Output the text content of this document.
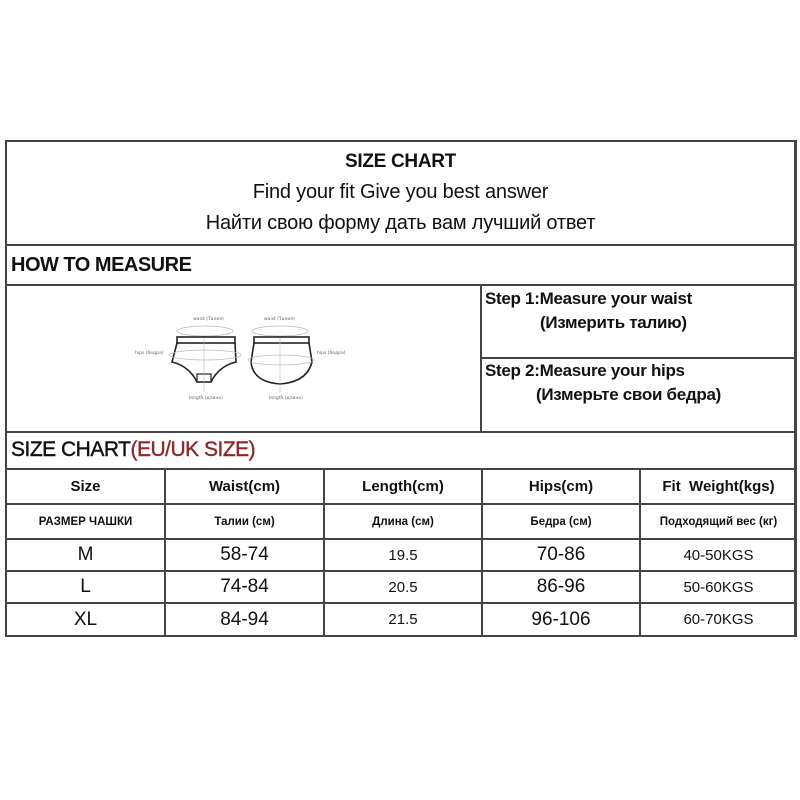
SIZE CHART
Find your fit Give you best answer
Найти свою форму дать вам лучший ответ
HOW TO MEASURE
waist (Талия)
hips (бедра)
length (длина)
waist (Талия)
hips (бедра)
length (длина)
Step 1:Measure your waist
(Измерить талию)
Step 2:Measure your hips
(Измерьте свои бедра)
SIZE CHART(EU/UK SIZE)
Size	Waist(cm)	Length(cm)	Hips(cm)	Fit  Weight(kgs)
РАЗМЕР ЧАШКИ	Талии (см)	Длина (см)	Бедра (см)	Подходящий вес (кг)
M	58-74	19.5	70-86	40-50KGS
L	74-84	20.5	86-96	50-60KGS
XL	84-94	21.5	96-106	60-70KGS
